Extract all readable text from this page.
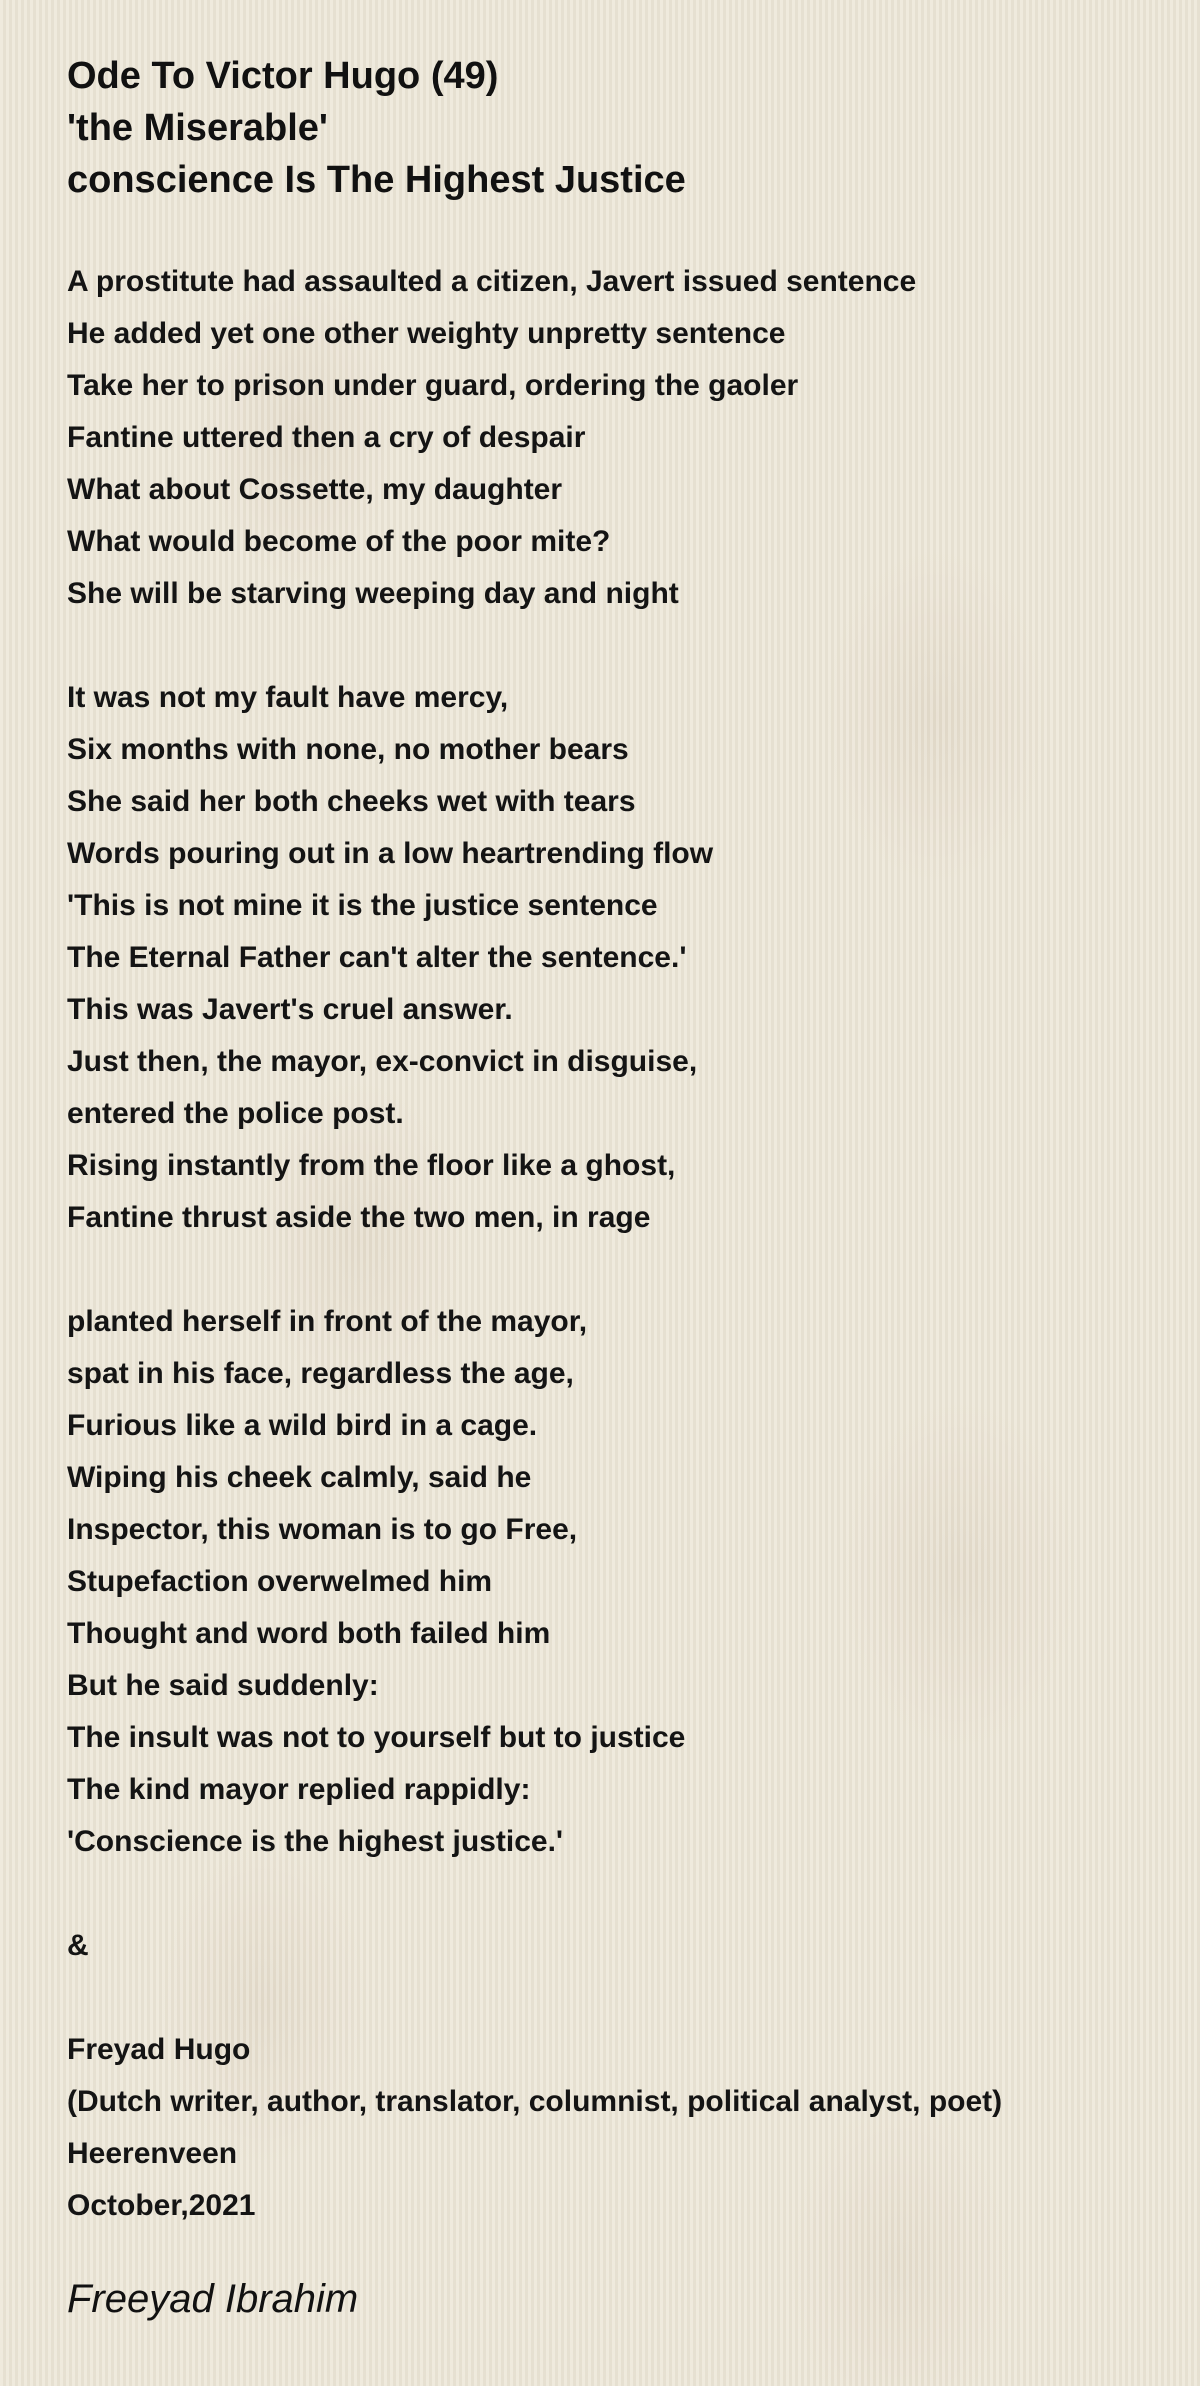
Ode To Victor Hugo (49)
'the Miserable'
conscience Is The Highest Justice
A prostitute had assaulted a citizen, Javert issued sentence
He added yet one other weighty unpretty sentence
Take her to prison under guard, ordering the gaoler
Fantine uttered then a cry of despair
What about Cossette, my daughter
What would become of the poor mite?
She will be starving weeping day and night
It was not my fault have mercy,
Six months with none, no mother bears
She said her both cheeks wet with tears
Words pouring out in a low heartrending flow
'This is not mine it is the justice sentence
The Eternal Father can't alter the sentence.'
This was Javert's cruel answer.
Just then, the mayor, ex-convict in disguise,
entered the police post.
Rising instantly from the floor like a ghost,
Fantine thrust aside the two men, in rage
planted herself in front of the mayor,
spat in his face, regardless the age,
Furious like a wild bird in a cage.
Wiping his cheek calmly, said he
Inspector, this woman is to go Free,
Stupefaction overwelmed him
Thought and word both failed him
But he said suddenly:
The insult was not to yourself but to justice
The kind mayor replied rappidly:
'Conscience is the highest justice.'
&
Freyad Hugo
(Dutch writer, author, translator, columnist, political analyst, poet)
Heerenveen
October,2021
Freeyad Ibrahim
